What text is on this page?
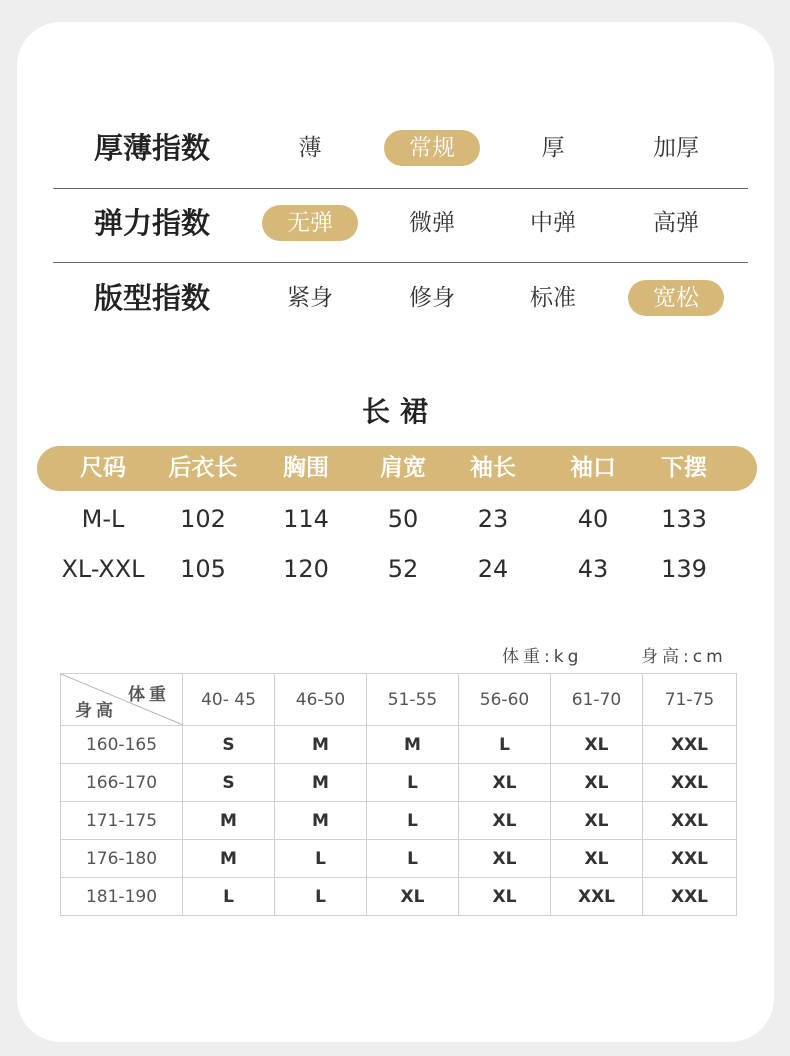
厚薄指数	薄	常规	厚	加厚
弹力指数	无弹	微弹	中弹	高弹
版型指数	紧身	修身	标准	宽松
长裙
尺码	后衣长	胸围	肩宽	袖长	袖口	下摆
M-L	102	114	50	23	40	133
XL-XXL	105	120	52	24	43	139
体重:kg	身高:cm
体重
身高	40- 45	46-50	51-55	56-60	61-70	71-75
160-165	S	M	M	L	XL	XXL
166-170	S	M	L	XL	XL	XXL
171-175	M	M	L	XL	XL	XXL
176-180	M	L	L	XL	XL	XXL
181-190	L	L	XL	XL	XXL	XXL
